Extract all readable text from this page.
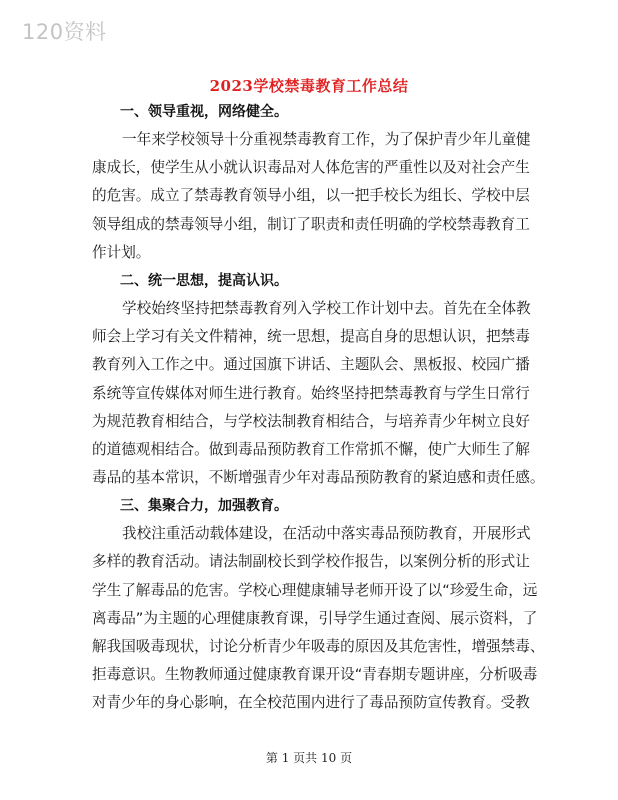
120资料
2023学校禁毒教育工作总结
一、领导重视，网络健全。
一年来学校领导十分重视禁毒教育工作，为了保护青少年儿童健
康成长，使学生从小就认识毒品对人体危害的严重性以及对社会产生
的危害。成立了禁毒教育领导小组，以一把手校长为组长、学校中层
领导组成的禁毒领导小组，制订了职责和责任明确的学校禁毒教育工
作计划。
二、统一思想，提高认识。
学校始终坚持把禁毒教育列入学校工作计划中去。首先在全体教
师会上学习有关文件精神，统一思想，提高自身的思想认识，把禁毒
教育列入工作之中。通过国旗下讲话、主题队会、黑板报、校园广播
系统等宣传媒体对师生进行教育。始终坚持把禁毒教育与学生日常行
为规范教育相结合，与学校法制教育相结合，与培养青少年树立良好
的道德观相结合。做到毒品预防教育工作常抓不懈，使广大师生了解
毒品的基本常识，不断增强青少年对毒品预防教育的紧迫感和责任感。
三、集聚合力，加强教育。
我校注重活动载体建设，在活动中落实毒品预防教育，开展形式
多样的教育活动。请法制副校长到学校作报告，以案例分析的形式让
学生了解毒品的危害。学校心理健康辅导老师开设了以“珍爱生命，远
离毒品”为主题的心理健康教育课，引导学生通过查阅、展示资料，了
解我国吸毒现状，讨论分析青少年吸毒的原因及其危害性，增强禁毒、
拒毒意识。生物教师通过健康教育课开设“青春期专题讲座，分析吸毒
对青少年的身心影响，在全校范围内进行了毒品预防宣传教育。受教
第 1 页共 10 页
